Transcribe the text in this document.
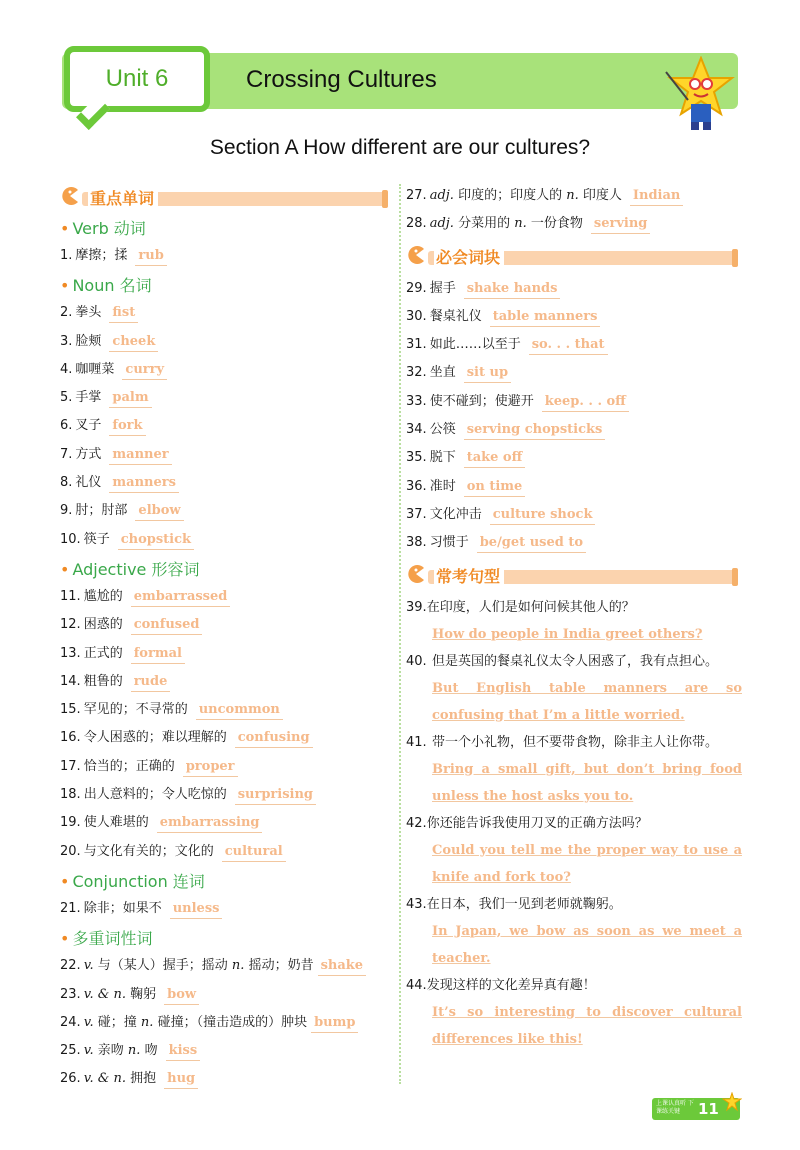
Unit 6	Crossing Cultures
Section A How different are our cultures?
重点单词
• Verb 动词
1. 摩擦；揉 rub
• Noun 名词
2. 拳头 fist
3. 脸颊 cheek
4. 咖喱菜 curry
5. 手掌 palm
6. 叉子 fork
7. 方式 manner
8. 礼仪 manners
9. 肘；肘部 elbow
10. 筷子 chopstick
• Adjective 形容词
11. 尴尬的 embarrassed
12. 困惑的 confused
13. 正式的 formal
14. 粗鲁的 rude
15. 罕见的；不寻常的 uncommon
16. 令人困惑的；难以理解的 confusing
17. 恰当的；正确的 proper
18. 出人意料的；令人吃惊的 surprising
19. 使人难堪的 embarrassing
20. 与文化有关的；文化的 cultural
• Conjunction 连词
21. 除非；如果不 unless
• 多重词性词
22. v. 与（某人）握手；摇动 n. 摇动；奶昔 shake
23. v. & n. 鞠躬 bow
24. v. 碰；撞 n. 碰撞；（撞击造成的）肿块 bump
25. v. 亲吻 n. 吻 kiss
26. v. & n. 拥抱 hug
27. adj. 印度的；印度人的 n. 印度人 Indian
28. adj. 分菜用的 n. 一份食物 serving
必会词块
29. 握手 shake hands
30. 餐桌礼仪 table manners
31. 如此……以至于 so. . . that
32. 坐直 sit up
33. 使不碰到；使避开 keep. . . off
34. 公筷 serving chopsticks
35. 脱下 take off
36. 准时 on time
37. 文化冲击 culture shock
38. 习惯于 be/get used to
常考句型
39.在印度，人们是如何问候其他人的？
How do people in India greet others?
40. 但是英国的餐桌礼仪太令人困惑了，我有点担心。
But English table manners are so confusing that I’m a little worried.
41. 带一个小礼物，但不要带食物，除非主人让你带。
Bring a small gift, but don’t bring food unless the host asks you to.
42.你还能告诉我使用刀叉的正确方法吗？
Could you tell me the proper way to use a knife and fork too?
43.在日本，我们一见到老师就鞠躬。
In Japan, we bow as soon as we meet a teacher.
44.发现这样的文化差异真有趣！
It’s so interesting to discover cultural differences like this!
上课认真听 下课练关键	11
